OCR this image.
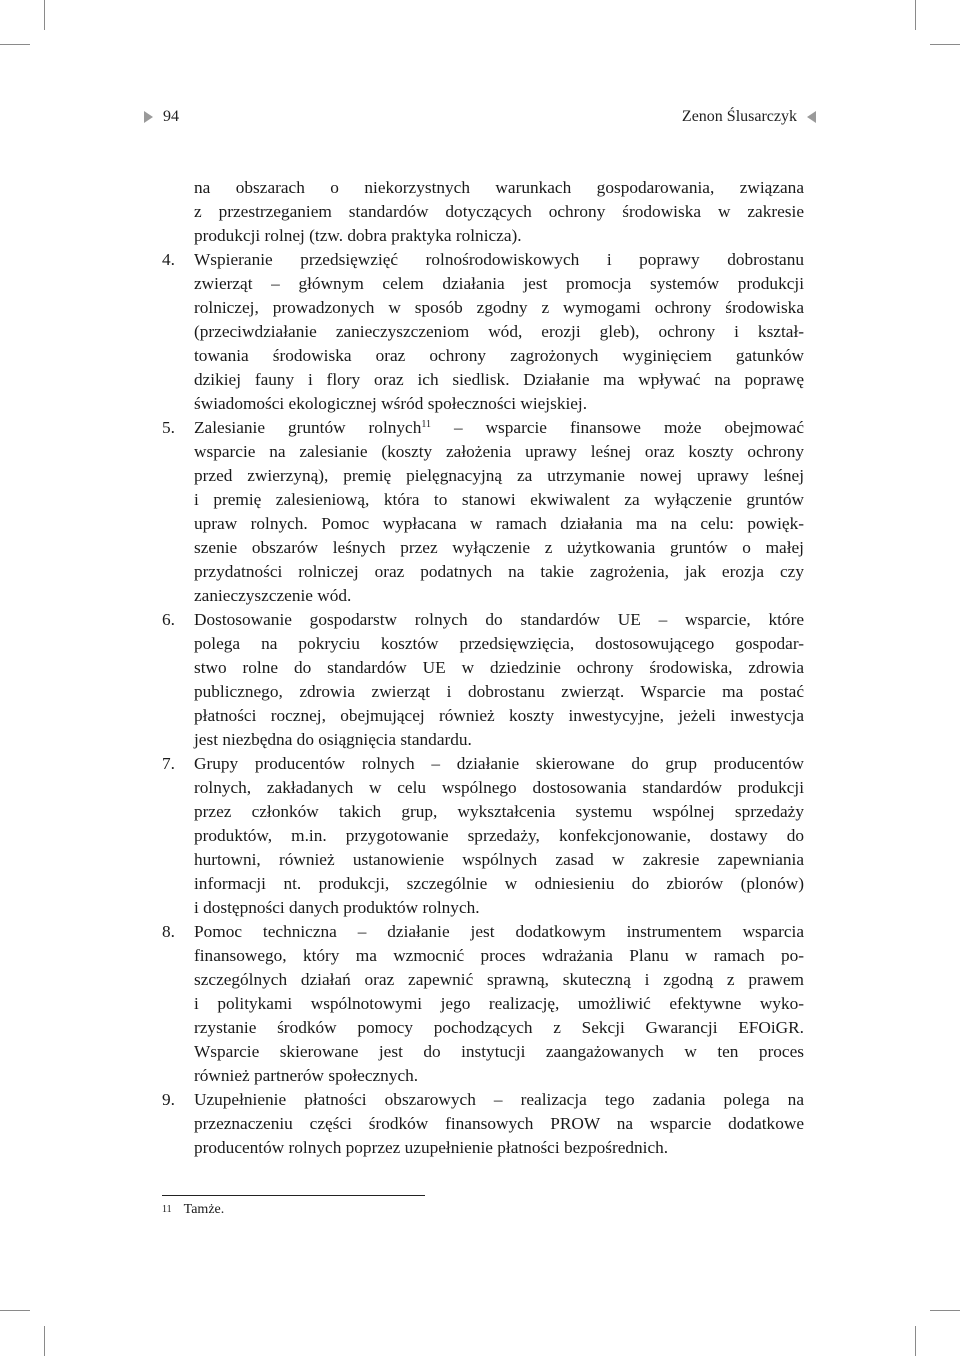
94	Zenon Ślusarczyk
na obszarach o niekorzystnych warunkach gospodarowania, związana
z przestrzeganiem standardów dotyczących ochrony środowiska w zakresie
produkcji rolnej (tzw. dobra praktyka rolnicza).
4.	Wspieranie przedsięwzięć rolnośrodowiskowych i poprawy dobrostanu
zwierząt – głównym celem działania jest promocja systemów produkcji
rolniczej, prowadzonych w sposób zgodny z wymogami ochrony środowiska
(przeciwdziałanie zanieczyszczeniom wód, erozji gleb), ochrony i kształ-
towania środowiska oraz ochrony zagrożonych wyginięciem gatunków
dzikiej fauny i flory oraz ich siedlisk. Działanie ma wpływać na poprawę
świadomości ekologicznej wśród społeczności wiejskiej.
5.	Zalesianie gruntów rolnych$^{11}$ – wsparcie finansowe może obejmować
wsparcie na zalesianie (koszty założenia uprawy leśnej oraz koszty ochrony
przed zwierzyną), premię pielęgnacyjną za utrzymanie nowej uprawy leśnej
i premię zalesieniową, która to stanowi ekwiwalent za wyłączenie gruntów
upraw rolnych. Pomoc wypłacana w ramach działania ma na celu: powięk-
szenie obszarów leśnych przez wyłączenie z użytkowania gruntów o małej
przydatności rolniczej oraz podatnych na takie zagrożenia, jak erozja czy
zanieczyszczenie wód.
6.	Dostosowanie gospodarstw rolnych do standardów UE – wsparcie, które
polega na pokryciu kosztów przedsięwzięcia, dostosowującego gospodar-
stwo rolne do standardów UE w dziedzinie ochrony środowiska, zdrowia
publicznego, zdrowia zwierząt i dobrostanu zwierząt. Wsparcie ma postać
płatności rocznej, obejmującej również koszty inwestycyjne, jeżeli inwestycja
jest niezbędna do osiągnięcia standardu.
7.	Grupy producentów rolnych – działanie skierowane do grup producentów
rolnych, zakładanych w celu wspólnego dostosowania standardów produkcji
przez członków takich grup, wykształcenia systemu wspólnej sprzedaży
produktów, m.in. przygotowanie sprzedaży, konfekcjonowanie, dostawy do
hurtowni, również ustanowienie wspólnych zasad w zakresie zapewniania
informacji nt. produkcji, szczególnie w odniesieniu do zbiorów (plonów)
i dostępności danych produktów rolnych.
8.	Pomoc techniczna – działanie jest dodatkowym instrumentem wsparcia
finansowego, który ma wzmocnić proces wdrażania Planu w ramach po-
szczególnych działań oraz zapewnić sprawną, skuteczną i zgodną z prawem
i politykami wspólnotowymi jego realizację, umożliwić efektywne wyko-
rzystanie środków pomocy pochodzących z Sekcji Gwarancji EFOiGR.
Wsparcie skierowane jest do instytucji zaangażowanych w ten proces
również partnerów społecznych.
9.	Uzupełnienie płatności obszarowych – realizacja tego zadania polega na
przeznaczeniu części środków finansowych PROW na wsparcie dodatkowe
producentów rolnych poprzez uzupełnienie płatności bezpośrednich.
11 Tamże.
